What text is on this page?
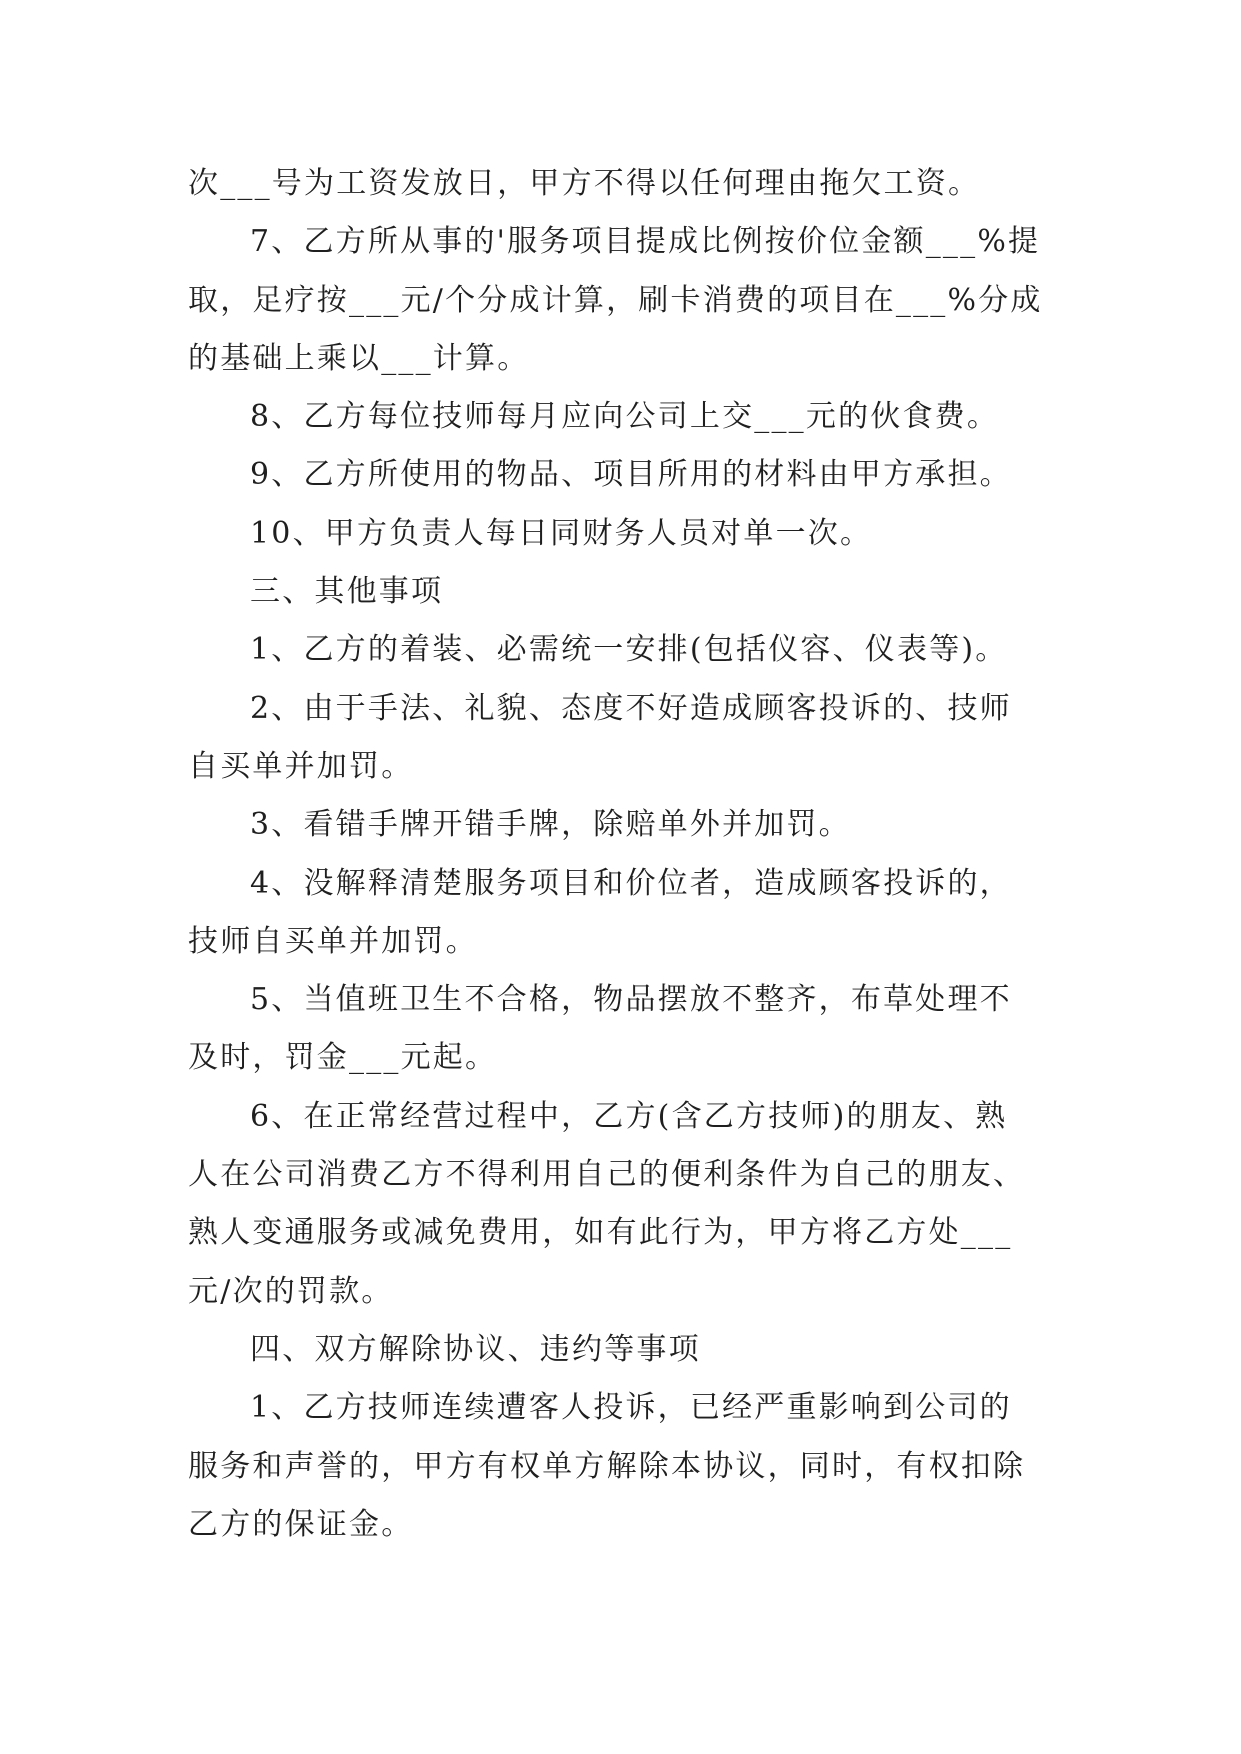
次___号为工资发放日，甲方不得以任何理由拖欠工资。
7、乙方所从事的'服务项目提成比例按价位金额___%提
取，足疗按___元/个分成计算，刷卡消费的项目在___%分成
的基础上乘以___计算。
8、乙方每位技师每月应向公司上交___元的伙食费。
9、乙方所使用的物品、项目所用的材料由甲方承担。
10、甲方负责人每日同财务人员对单一次。
三、其他事项
1、乙方的着装、必需统一安排(包括仪容、仪表等)。
2、由于手法、礼貌、态度不好造成顾客投诉的、技师
自买单并加罚。
3、看错手牌开错手牌，除赔单外并加罚。
4、没解释清楚服务项目和价位者，造成顾客投诉的，
技师自买单并加罚。
5、当值班卫生不合格，物品摆放不整齐，布草处理不
及时，罚金___元起。
6、在正常经营过程中，乙方(含乙方技师)的朋友、熟
人在公司消费乙方不得利用自己的便利条件为自己的朋友、
熟人变通服务或减免费用，如有此行为，甲方将乙方处___
元/次的罚款。
四、双方解除协议、违约等事项
1、乙方技师连续遭客人投诉，已经严重影响到公司的
服务和声誉的，甲方有权单方解除本协议，同时，有权扣除
乙方的保证金。
